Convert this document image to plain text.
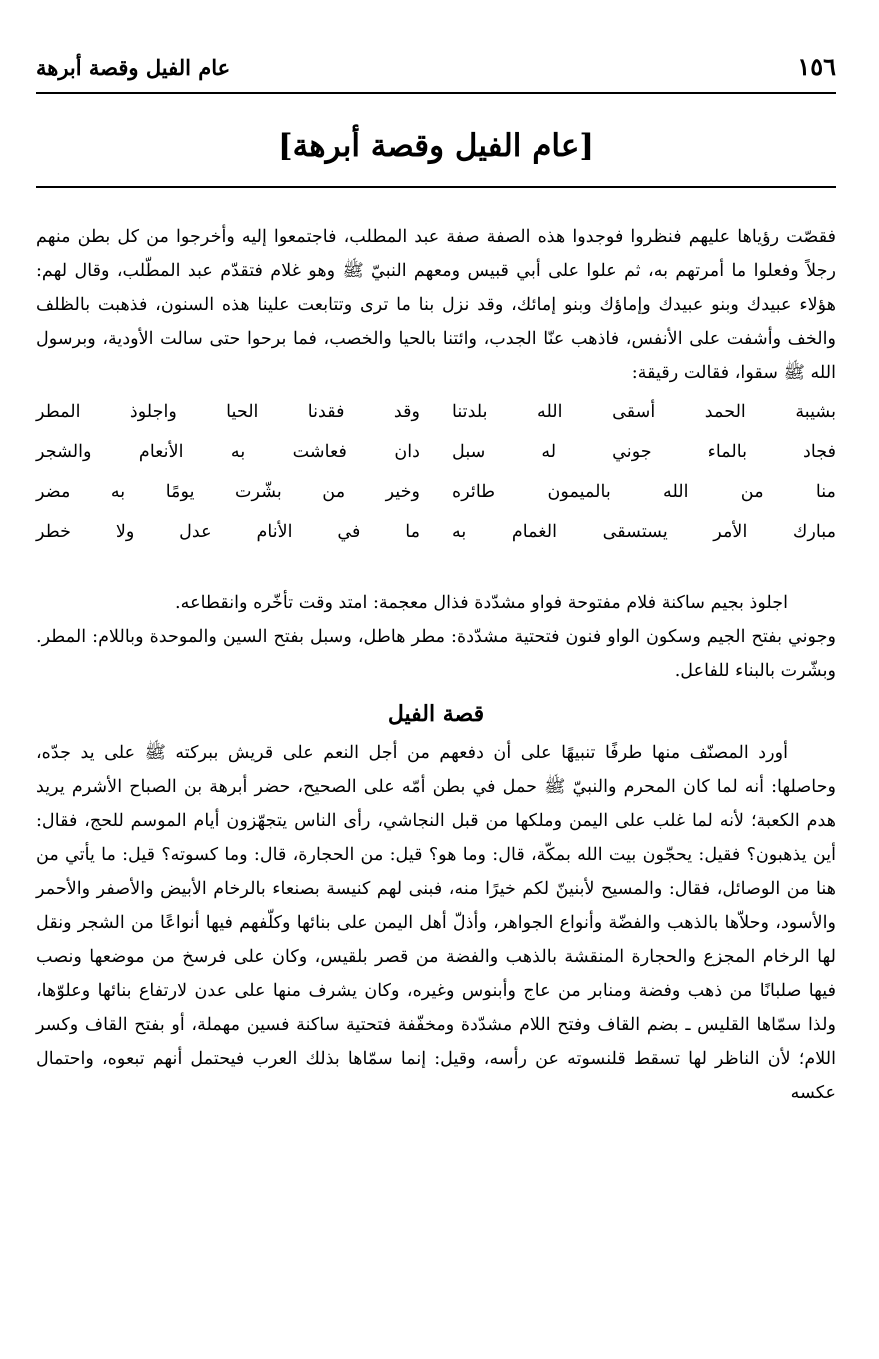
١٥٦
عام الفيل وقصة أبرهة
[عام الفيل وقصة أبرهة]

فقصّت رؤياها عليهم فنظروا فوجدوا هذه الصفة صفة عبد المطلب، فاجتمعوا إليه وأخرجوا من كل بطن منهم رجلاً وفعلوا ما أمرتهم به، ثم علوا على أبي قبيس ومعهم النبيّ ﷺ وهو غلام فتقدّم عبد المطّلب، وقال لهم: هؤلاء عبيدك وبنو عبيدك وإماؤك وبنو إمائك، وقد نزل بنا ما ترى وتتابعت علينا هذه السنون، فذهبت بالظلف والخف وأشفت على الأنفس، فاذهب عنّا الجدب، وائتنا بالحيا والخصب، فما برحوا حتى سالت الأودية، وبرسول الله ﷺ سقوا، فقالت رقيقة:

بشيبة الحمد أسقى الله بلدتنا
وقد فقدنا الحيا واجلوذ المطر
فجاد بالماء جوني له سبل
دان فعاشت به الأنعام والشجر
منا من الله بالميمون طائره
وخير من بشّرت يومًا به مضر
مبارك الأمر يستسقى الغمام به
ما في الأنام عدل ولا خطر

اجلوذ بجيم ساكنة فلام مفتوحة فواو مشدّدة فذال معجمة: امتد وقت تأخّره وانقطاعه.

وجوني بفتح الجيم وسكون الواو فنون فتحتية مشدّدة: مطر هاطل، وسبل بفتح السين والموحدة وباللام: المطر. وبشّرت بالبناء للفاعل.

قصة الفيل

أورد المصنّف منها طرفًا تنبيهًا على أن دفعهم من أجل النعم على قريش ببركته ﷺ على يد جدّه، وحاصلها: أنه لما كان المحرم والنبيّ ﷺ حمل في بطن أمّه على الصحيح، حضر أبرهة بن الصباح الأشرم يريد هدم الكعبة؛ لأنه لما غلب على اليمن وملكها من قبل النجاشي، رأى الناس يتجهّزون أيام الموسم للحج، فقال: أين يذهبون؟ فقيل: يحجّون بيت الله بمكّة، قال: وما هو؟ قيل: من الحجارة، قال: وما كسوته؟ قيل: ما يأتي من هنا من الوصائل، فقال: والمسيح لأبنينّ لكم خيرًا منه، فبنى لهم كنيسة بصنعاء بالرخام الأبيض والأصفر والأحمر والأسود، وحلاّها بالذهب والفضّة وأنواع الجواهر، وأذلّ أهل اليمن على بنائها وكلّفهم فيها أنواعًا من الشجر ونقل لها الرخام المجزع والحجارة المنقشة بالذهب والفضة من قصر بلقيس، وكان على فرسخ من موضعها ونصب فيها صلبانًا من ذهب وفضة ومنابر من عاج وأبنوس وغيره، وكان يشرف منها على عدن لارتفاع بنائها وعلوّها، ولذا سمّاها القليس ـ بضم القاف وفتح اللام مشدّدة ومخفّفة فتحتية ساكنة فسين مهملة، أو بفتح القاف وكسر اللام؛ لأن الناظر لها تسقط قلنسوته عن رأسه، وقيل: إنما سمّاها بذلك العرب فيحتمل أنهم تبعوه، واحتمال عكسه
